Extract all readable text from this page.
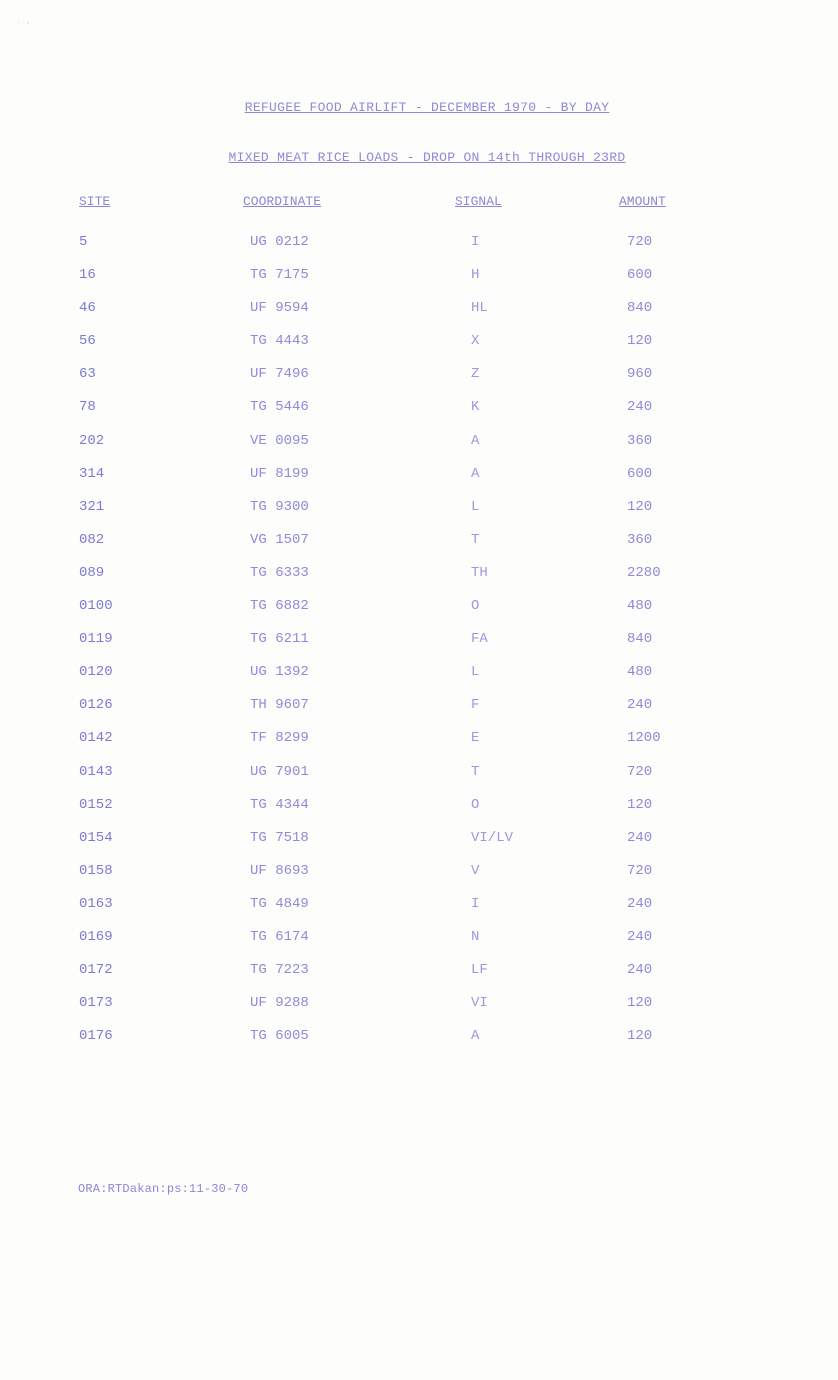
˙ ’
REFUGEE FOOD AIRLIFT - DECEMBER 1970 - BY DAY
MIXED MEAT RICE LOADS - DROP ON 14th THROUGH 23RD
SITE	COORDINATE	SIGNAL	AMOUNT
5	UG 0212	I	720
16	TG 7175	H	600
46	UF 9594	HL	840
56	TG 4443	X	120
63	UF 7496	Z	960
78	TG 5446	K	240
202	VE 0095	A	360
314	UF 8199	A	600
321	TG 9300	L	120
082	VG 1507	T	360
089	TG 6333	TH	2280
0100	TG 6882	O	480
0119	TG 6211	FA	840
0120	UG 1392	L	480
0126	TH 9607	F	240
0142	TF 8299	E	1200
0143	UG 7901	T	720
0152	TG 4344	O	120
0154	TG 7518	VI/LV	240
0158	UF 8693	V	720
0163	TG 4849	I	240
0169	TG 6174	N	240
0172	TG 7223	LF	240
0173	UF 9288	VI	120
0176	TG 6005	A	120
ORA:RTDakan:ps:11-30-70
